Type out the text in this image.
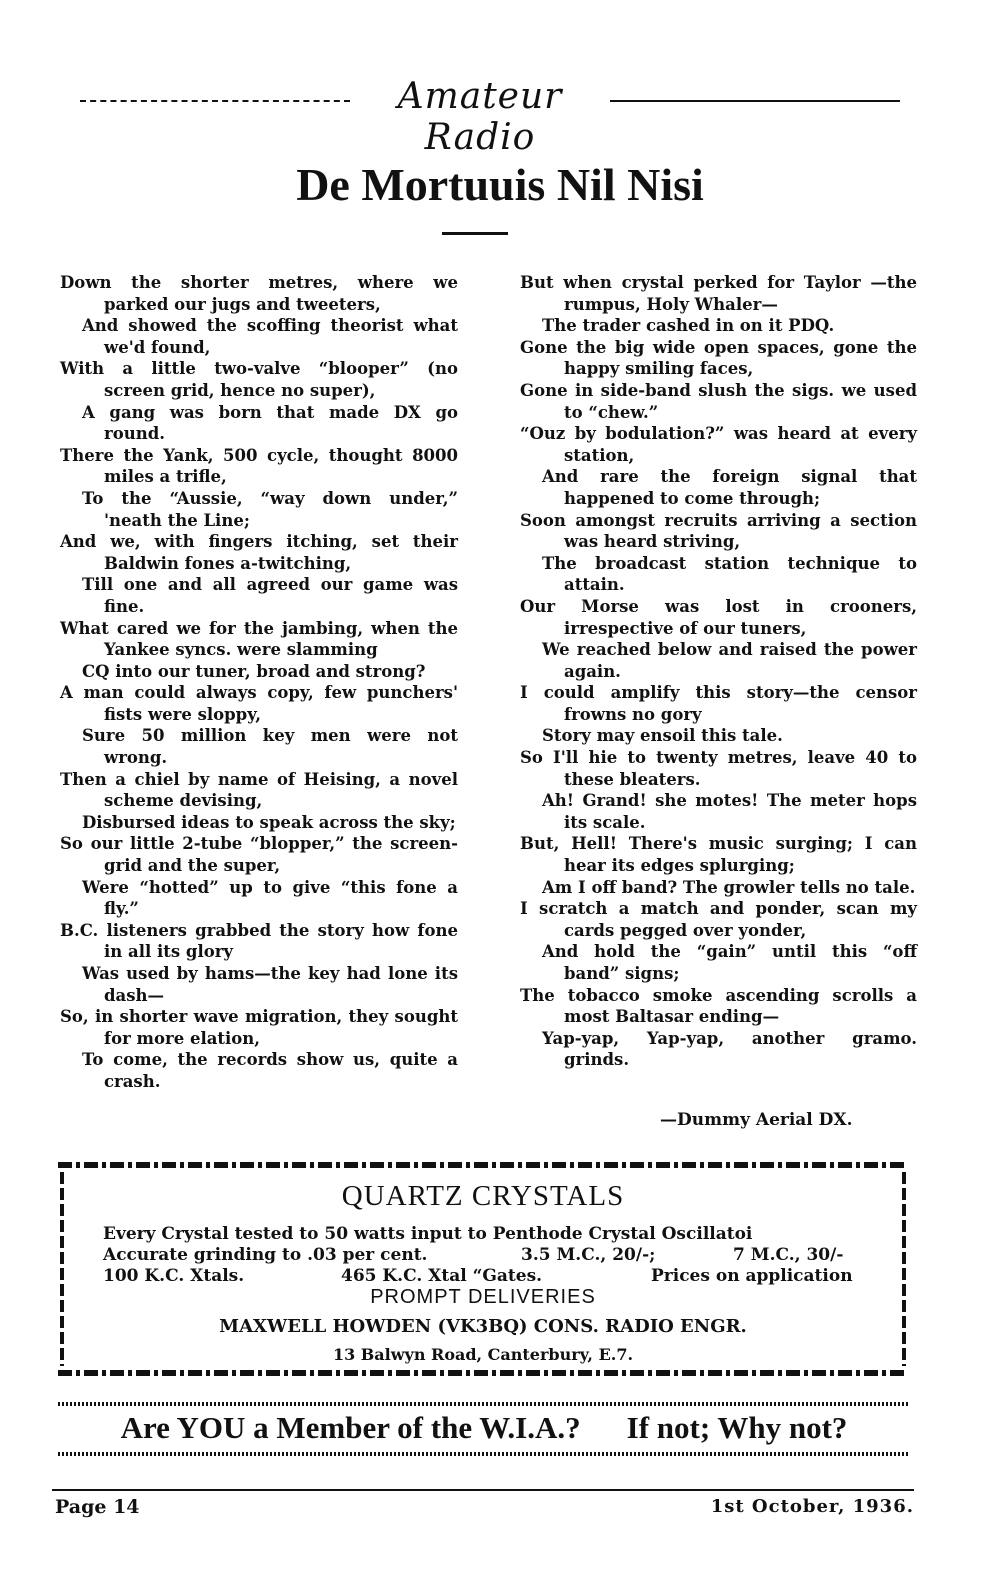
Amateur Radio
De Mortuuis Nil Nisi
Down the shorter metres, where we parked our jugs and tweeters,
And showed the scoffing theorist what we'd found,
With a little two-valve “blooper” (no screen grid, hence no super),
A gang was born that made DX go round.
There the Yank, 500 cycle, thought 8000 miles a trifle,
To the “Aussie, “way down under,” 'neath the Line;
And we, with fingers itching, set their Baldwin fones a-twitching,
Till one and all agreed our game was fine.
What cared we for the jambing, when the Yankee syncs. were slamming
CQ into our tuner, broad and strong?
A man could always copy, few punchers' fists were sloppy,
Sure 50 million key men were not wrong.
Then a chiel by name of Heising, a novel scheme devising,
Disbursed ideas to speak across the sky;
So our little 2-tube “blopper,” the screen-grid and the super,
Were “hotted” up to give “this fone a fly.”
B.C. listeners grabbed the story how fone in all its glory
Was used by hams—the key had lone its dash—
So, in shorter wave migration, they sought for more elation,
To come, the records show us, quite a crash.
But when crystal perked for Taylor —the rumpus, Holy Whaler—
The trader cashed in on it PDQ.
Gone the big wide open spaces, gone the happy smiling faces,
Gone in side-band slush the sigs. we used to “chew.”
“Ouz by bodulation?” was heard at every station,
And rare the foreign signal that happened to come through;
Soon amongst recruits arriving a section was heard striving,
The broadcast station technique to attain.
Our Morse was lost in crooners, irrespective of our tuners,
We reached below and raised the power again.
I could amplify this story—the censor frowns no gory
Story may ensoil this tale.
So I'll hie to twenty metres, leave 40 to these bleaters.
Ah! Grand! she motes! The meter hops its scale.
But, Hell! There's music surging; I can hear its edges splurging;
Am I off band? The growler tells no tale.
I scratch a match and ponder, scan my cards pegged over yonder,
And hold the “gain” until this “off band” signs;
The tobacco smoke ascending scrolls a most Baltasar ending—
Yap-yap, Yap-yap, another gramo. grinds.
—Dummy Aerial DX.
QUARTZ CRYSTALS
Every Crystal tested to 50 watts input to Penthode Crystal Oscillatoi
Accurate grinding to .03 per cent.	3.5 M.C., 20/-;	7 M.C., 30/-
100 K.C. Xtals.	465 K.C. Xtal “Gates.	Prices on application
PROMPT DELIVERIES
MAXWELL HOWDEN (VK3BQ) CONS. RADIO ENGR.
13 Balwyn Road, Canterbury, E.7.
Are YOU a Member of the W.I.A.? If not; Why not?
Page 14	1st October, 1936.
